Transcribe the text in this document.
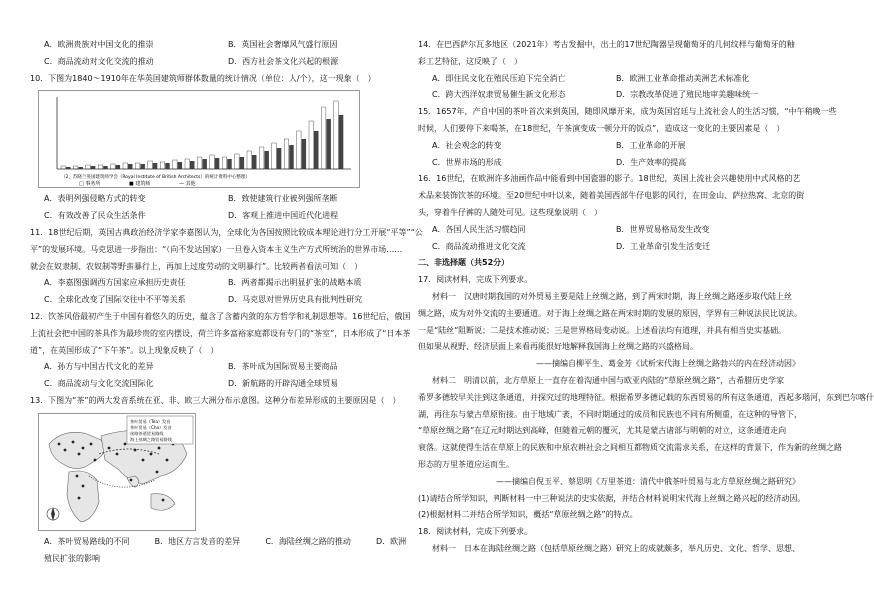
A．欧洲贵族对中国文化的推崇	B．英国社会奢靡风气盛行原因
C．商品流动对文化交流的推动	D．西方社会茶文化兴起的根源
10．下图为1840～1910年在华英国建筑师群体数量的统计情况（单位：人/个），这一现象（　）
（2，苏晓兰英国建筑师学会（Royal Institute of British Architects）的统计资料中心整理）
□ 事务所	■ 建筑师	— 其他
A．表明列强侵略方式的转变	B．致使建筑行业被列强所垄断
C．有效改善了民众生活条件	D．客观上推进中国近代化进程
11．18世纪后期，英国古典政治经济学家李嘉图认为，全球化为各国按照比较成本理论进行分工开展“平等”“公
平”的发展环境。马克思进一步指出：“（向不发达国家）一旦卷入资本主义生产方式所统治的世界市场……
就会在奴隶制、农奴制等野蛮暴行上，再加上过度劳动的文明暴行”。比较两者看法可知（　）
A．李嘉图强调西方国家应承担历史责任	B．两者都揭示出明显扩张的战略本质
C．全球化改变了国际交往中不平等关系	D．马克思对世界历史具有批判性研究
12．饮茶风俗最初产生于中国有着悠久的历史，蕴含了含蓄内敛的东方哲学和礼制思想等。16世纪后，俄国
上流社会把中国的茶具作为最珍贵的室内摆设，荷兰许多富裕家庭都设有专门的“茶室”，日本形成了“日本茶
道”，在英国形成了“下午茶”。以上现象反映了（　）
A．孙方与中国古代文化的差异	B．茶叶成为国际贸易主要商品
C．商品流动与文化交流国际化	D．新航路的开辟沟通全球贸易
13．下图为“茶”的两大发音系统在亚、非、欧三大洲分布示意图。这种分布差异形成的主要原因是（　）
茶叶贸易（Tea）发音
茶叶贸易（Cha）发音
丝路茶道贸易路线
海上丝绸之路贸易路线
A．茶叶贸易路线的不同	B．地区方言发音的差异	C．海陆丝绸之路的推动	D．欧洲
殖民扩张的影响
14．在巴西萨尔瓦多地区（2021年）考古发掘中，出土的17世纪陶器呈现葡萄牙的几何纹样与葡萄牙的釉
彩工艺特征，这反映了（　）
A．即住民文化在殖民压迫下完全消亡	B．欧洲工业革命推动美洲艺术标准化
C．跨大西洋奴隶贸易催生新文化形态	D．宗教改革促进了殖民地审美趣味统一
15．1657年，产自中国的茶叶首次来到英国，随即风靡开来，成为英国宫廷与上流社会人的生活习惯，“中午稍晚一些
时候，人们要停下来喝茶，在18世纪，午茶演变成一顿分开的饭点”，造成这一变化的主要因素是（　）
A．社会观念的转变	B．工业革命的开展
C．世界市场的形成	D．生产效率的提高
16．16世纪，在欧洲许多油画作品中能看到中国瓷器的影子。18世纪，英国上流社会兴趣使用中式风格的艺
术品来装饰饮茶的环境。至20世纪中叶以来，随着美国西部牛仔电影的风行，在田金山、萨拉热窝、北京的街
头，穿着牛仔裤的人随处可见。这些现象说明（　）
A．各国人民生活习惯趋同	B．世界贸易格局发生改变
C．商品流动推进文化交流	D．工业革命引发生活变迁
二、非选择题（共52分）
17．阅读材料，完成下列要求。
材料一　汉唐时期我国的对外贸易主要是陆上丝绸之路，到了两宋时期，海上丝绸之路逐步取代陆上丝
绸之路，成为对外交流的主要通道。对于海上丝绸之路在两宋时期的发展的原因，学界有三种说法民比说法。
一是“陆丝”阻断说；二是技术推动说；三是世界格局变动说。上述看法均有道理，并具有相当史实基础。
但如果从视野、经济层面上来看再能很好地解释我国海上丝绸之路的兴盛格局。
——摘编自柳平生、葛金芳《试析宋代海上丝绸之路勃兴的内在经济动因》
材料二　明清以前，北方草原上一直存在着沟通中国与欧亚内陆的“草原丝绸之路”，古希腊历史学家
希罗多德较早关注到这条通道，并探究过的地理特征。根据希罗多德记载的东西贸易的所有这条通道，西起多瑙河，东到巴尔喀什
湖，再往东与蒙古草原衔接。由于地域广袤，不同时期通过的成员和民族也不同有所侧重，在这种的导管下，
“草原丝绸之路”在辽元时期达到高峰，但随着元朝的覆灭，尤其是蒙古诸部与明朝的对立，这条通道走向
衰落。这就使得生活在草原上的民族和中原农耕社会之间相互都物质交流需求关系，在这样的背景下，作为新的丝绸之路
形态的万里茶道应运而生。
——摘编自倪玉平、蔡思明《万里茶道：清代中俄茶叶贸易与北方草原丝绸之路研究》
(1)请结合所学知识，判断材料一中三种说法的史实依据，并结合材料说明宋代海上丝绸之路兴起的经济动因。
(2)根据材料二并结合所学知识，概括“草原丝绸之路”的特点。
18．阅读材料，完成下列要求。
材料一　日本在海陆丝绸之路（包括草原丝绸之路）研究上的成就颇多，举凡历史、文化、哲学、思想、
